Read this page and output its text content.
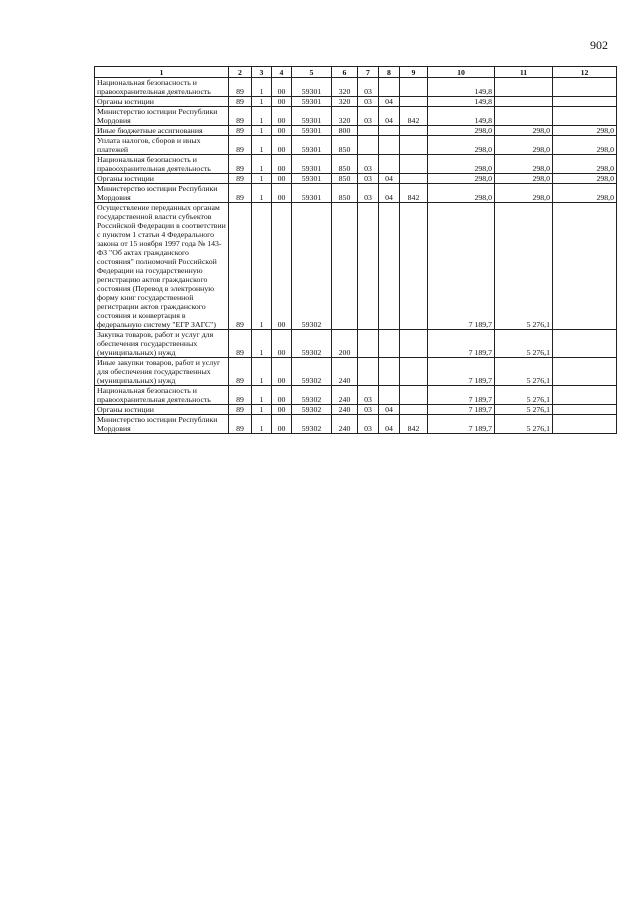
902
1	2	3	4	5	6	7	8	9	10	11	12
Национальная безопасность и правоохранительная деятельность	89	1	00	59301	320	03			149,8		
Органы юстиции	89	1	00	59301	320	03	04		149,8		
Министерство юстиции Республики Мордовия	89	1	00	59301	320	03	04	842	149,8		
Иные бюджетные ассигнования	89	1	00	59301	800				298,0	298,0	298,0
Уплата налогов, сборов и иных платежей	89	1	00	59301	850				298,0	298,0	298,0
Национальная безопасность и правоохранительная деятельность	89	1	00	59301	850	03			298,0	298,0	298,0
Органы юстиции	89	1	00	59301	850	03	04		298,0	298,0	298,0
Министерство юстиции Республики Мордовия	89	1	00	59301	850	03	04	842	298,0	298,0	298,0
Осуществление переданных органам государственной власти субъектов Российской Федерации в соответствии с пунктом 1 статьи 4 Федерального закона от 15 ноября 1997 года № 143-ФЗ "Об актах гражданского состояния" полномочий Российской Федерации на государственную регистрацию актов гражданского состояния (Перевод в электронную форму книг государственной регистрации актов гражданского состояния и конвертация в федеральную систему "ЕГР ЗАГС")	89	1	00	59302					7 189,7	5 276,1	
Закупка товаров, работ и услуг для обеспечения государственных (муниципальных) нужд	89	1	00	59302	200				7 189,7	5 276,1	
Иные закупки товаров, работ и услуг для обеспечения государственных (муниципальных) нужд	89	1	00	59302	240				7 189,7	5 276,1	
Национальная безопасность и правоохранительная деятельность	89	1	00	59302	240	03			7 189,7	5 276,1	
Органы юстиции	89	1	00	59302	240	03	04		7 189,7	5 276,1	
Министерство юстиции Республики Мордовия	89	1	00	59302	240	03	04	842	7 189,7	5 276,1	
